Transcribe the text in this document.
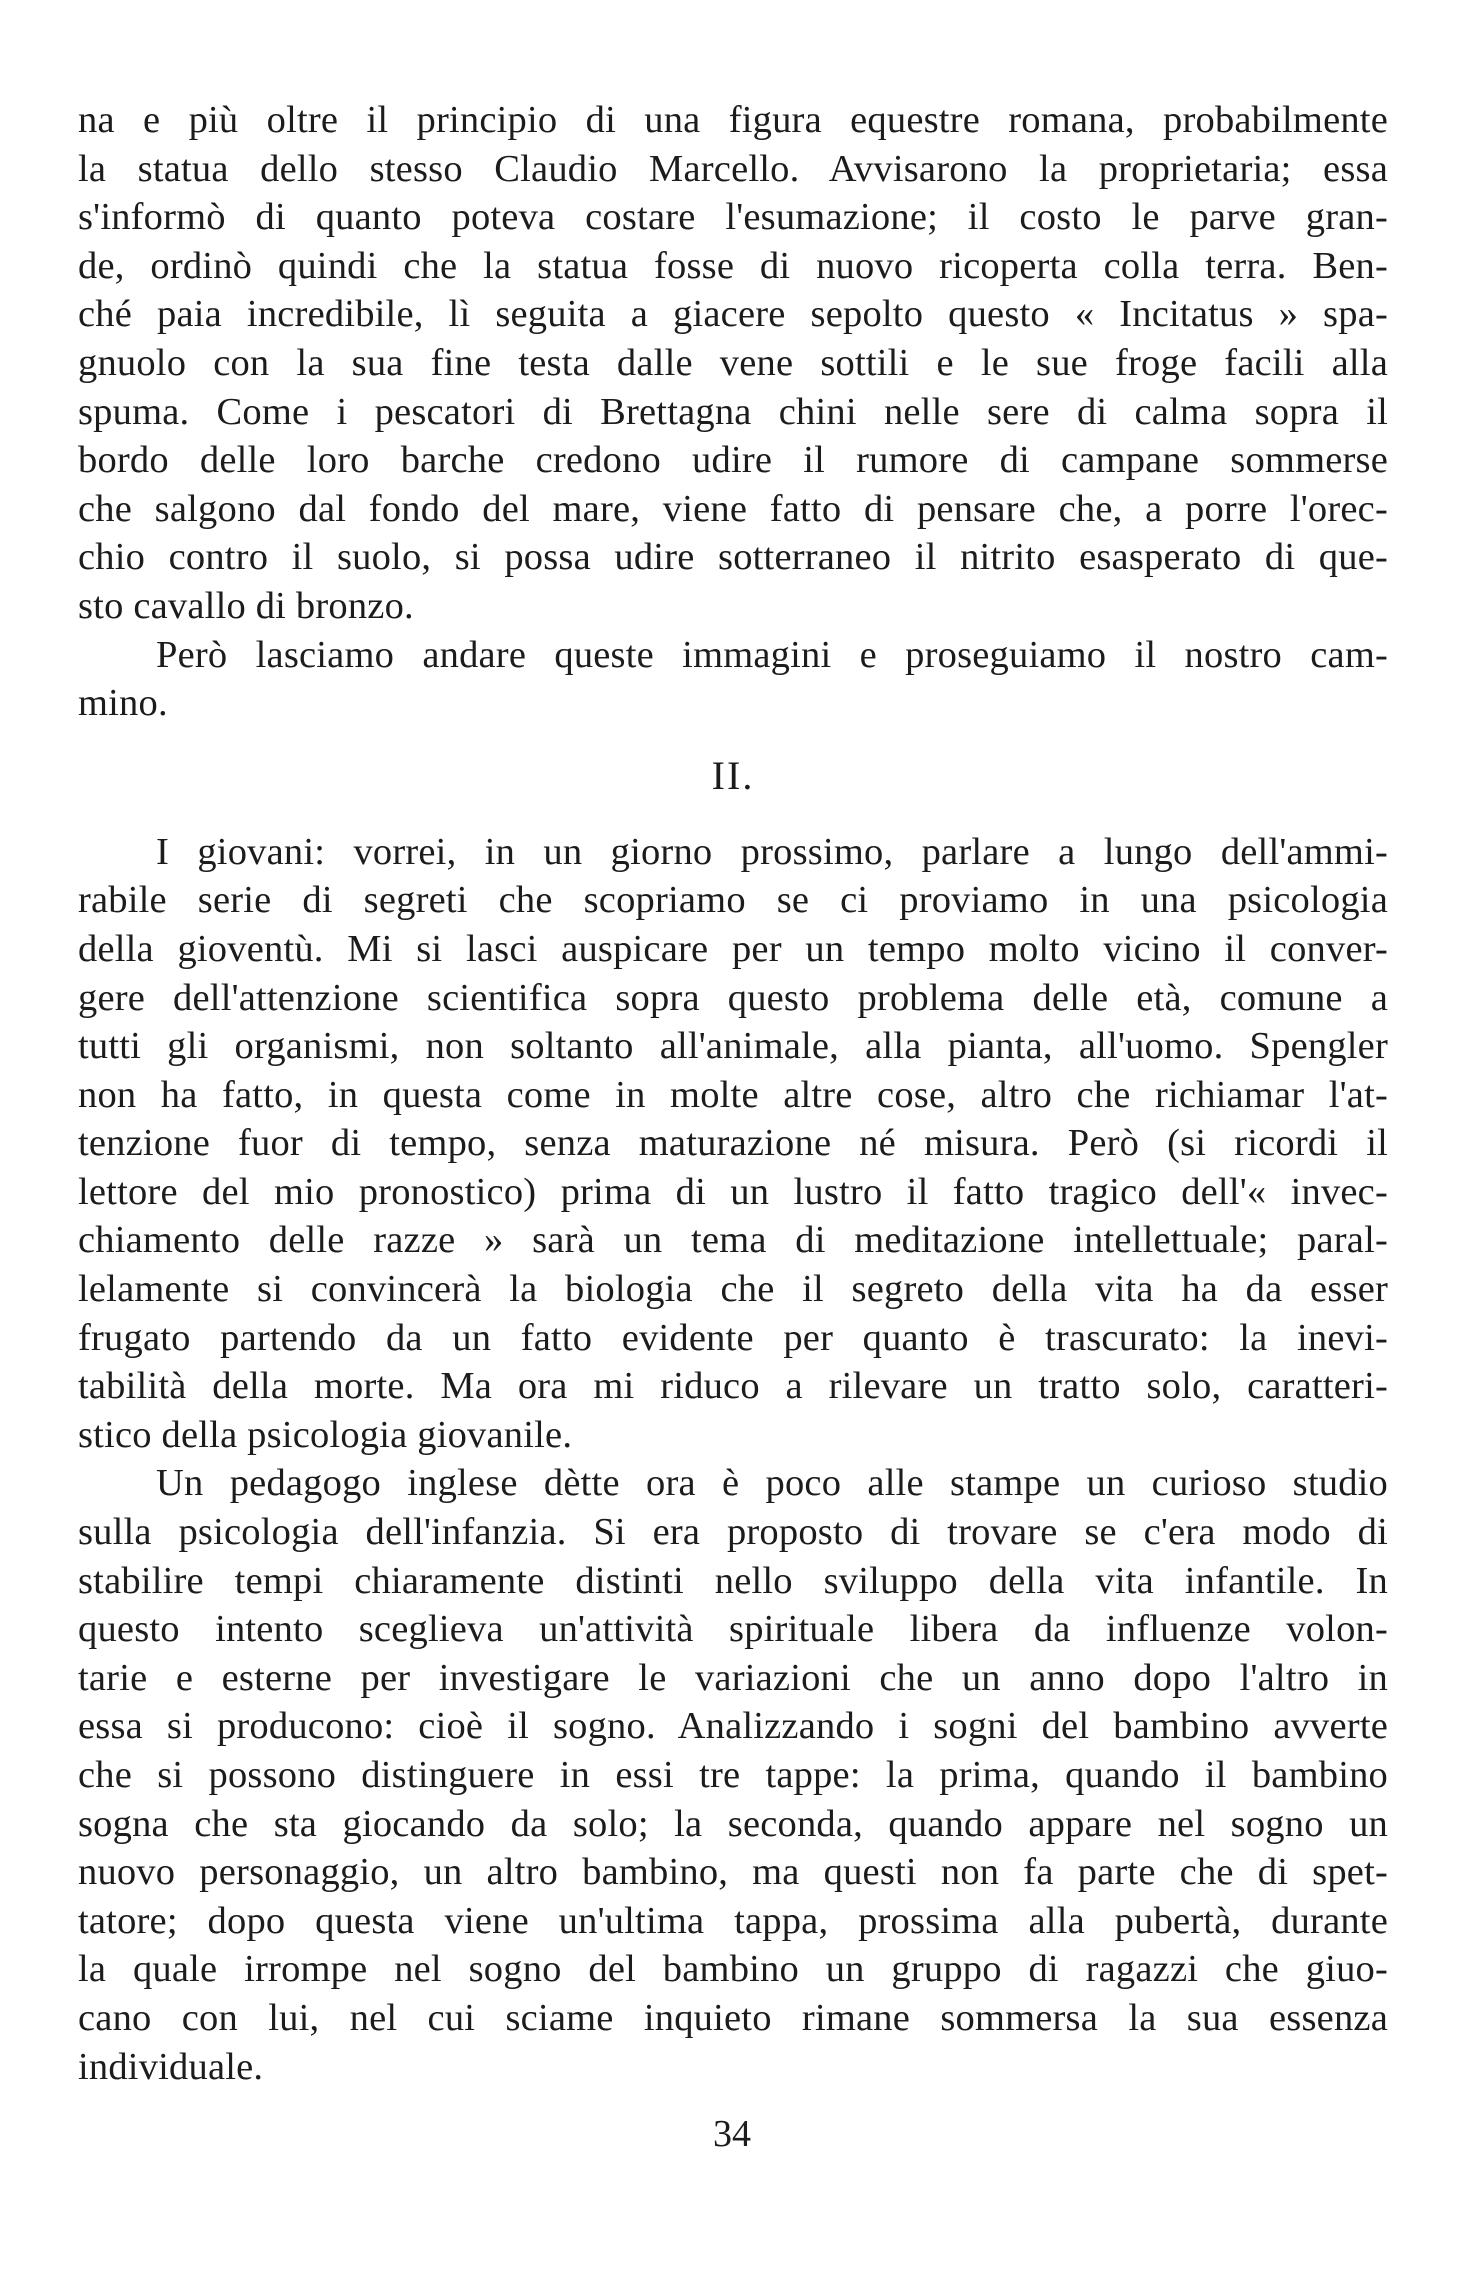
na e più oltre il principio di una figura equestre romana, probabilmente
la statua dello stesso Claudio Marcello. Avvisarono la proprietaria; essa
s'informò di quanto poteva costare l'esumazione; il costo le parve gran-
de, ordinò quindi che la statua fosse di nuovo ricoperta colla terra. Ben-
ché paia incredibile, lì seguita a giacere sepolto questo « Incitatus » spa-
gnuolo con la sua fine testa dalle vene sottili e le sue froge facili alla
spuma. Come i pescatori di Brettagna chini nelle sere di calma sopra il
bordo delle loro barche credono udire il rumore di campane sommerse
che salgono dal fondo del mare, viene fatto di pensare che, a porre l'orec-
chio contro il suolo, si possa udire sotterraneo il nitrito esasperato di que-
sto cavallo di bronzo.
Però lasciamo andare queste immagini e proseguiamo il nostro cam-
mino.
II.
I giovani: vorrei, in un giorno prossimo, parlare a lungo dell'ammi-
rabile serie di segreti che scopriamo se ci proviamo in una psicologia
della gioventù. Mi si lasci auspicare per un tempo molto vicino il conver-
gere dell'attenzione scientifica sopra questo problema delle età, comune a
tutti gli organismi, non soltanto all'animale, alla pianta, all'uomo. Spengler
non ha fatto, in questa come in molte altre cose, altro che richiamar l'at-
tenzione fuor di tempo, senza maturazione né misura. Però (si ricordi il
lettore del mio pronostico) prima di un lustro il fatto tragico dell'« invec-
chiamento delle razze » sarà un tema di meditazione intellettuale; paral-
lelamente si convincerà la biologia che il segreto della vita ha da esser
frugato partendo da un fatto evidente per quanto è trascurato: la inevi-
tabilità della morte. Ma ora mi riduco a rilevare un tratto solo, caratteri-
stico della psicologia giovanile.
Un pedagogo inglese dètte ora è poco alle stampe un curioso studio
sulla psicologia dell'infanzia. Si era proposto di trovare se c'era modo di
stabilire tempi chiaramente distinti nello sviluppo della vita infantile. In
questo intento sceglieva un'attività spirituale libera da influenze volon-
tarie e esterne per investigare le variazioni che un anno dopo l'altro in
essa si producono: cioè il sogno. Analizzando i sogni del bambino avverte
che si possono distinguere in essi tre tappe: la prima, quando il bambino
sogna che sta giocando da solo; la seconda, quando appare nel sogno un
nuovo personaggio, un altro bambino, ma questi non fa parte che di spet-
tatore; dopo questa viene un'ultima tappa, prossima alla pubertà, durante
la quale irrompe nel sogno del bambino un gruppo di ragazzi che giuo-
cano con lui, nel cui sciame inquieto rimane sommersa la sua essenza
individuale.
34
